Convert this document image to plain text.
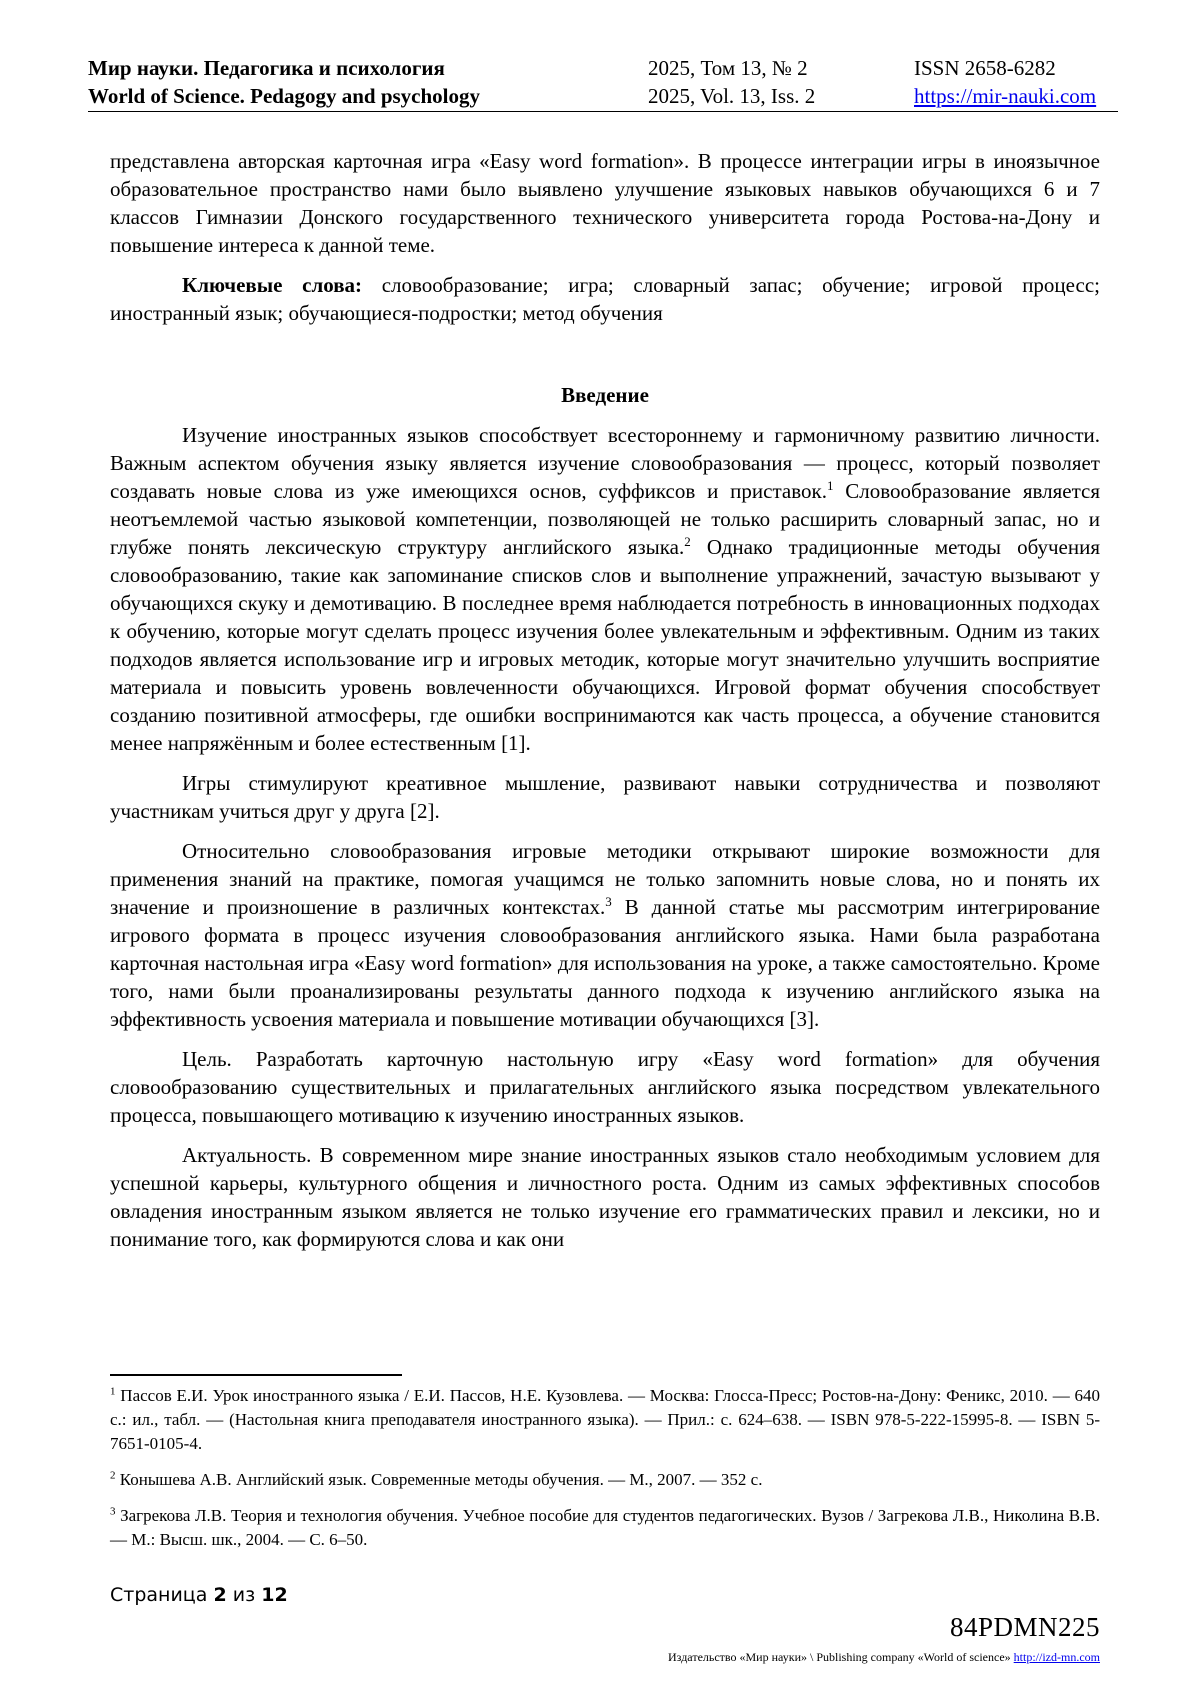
Мир науки. Педагогика и психология
World of Science. Pedagogy and psychology
2025, Том 13, № 2
2025, Vol. 13, Iss. 2
ISSN 2658-6282
https://mir-nauki.com

представлена авторская карточная игра «Easy word formation». В процессе интеграции игры в иноязычное образовательное пространство нами было выявлено улучшение языковых навыков обучающихся 6 и 7 классов Гимназии Донского государственного технического университета города Ростова-на-Дону и повышение интереса к данной теме.

Ключевые слова: словообразование; игра; словарный запас; обучение; игровой процесс; иностранный язык; обучающиеся-подростки; метод обучения

Введение

Изучение иностранных языков способствует всестороннему и гармоничному развитию личности. Важным аспектом обучения языку является изучение словообразования — процесс, который позволяет создавать новые слова из уже имеющихся основ, суффиксов и приставок.$^1$ Словообразование является неотъемлемой частью языковой компетенции, позволяющей не только расширить словарный запас, но и глубже понять лексическую структуру английского языка.$^2$ Однако традиционные методы обучения словообразованию, такие как запоминание списков слов и выполнение упражнений, зачастую вызывают у обучающихся скуку и демотивацию. В последнее время наблюдается потребность в инновационных подходах к обучению, которые могут сделать процесс изучения более увлекательным и эффективным. Одним из таких подходов является использование игр и игровых методик, которые могут значительно улучшить восприятие материала и повысить уровень вовлеченности обучающихся. Игровой формат обучения способствует созданию позитивной атмосферы, где ошибки воспринимаются как часть процесса, а обучение становится менее напряжённым и более естественным [1].

Игры стимулируют креативное мышление, развивают навыки сотрудничества и позволяют участникам учиться друг у друга [2].

Относительно словообразования игровые методики открывают широкие возможности для применения знаний на практике, помогая учащимся не только запомнить новые слова, но и понять их значение и произношение в различных контекстах.$^3$ В данной статье мы рассмотрим интегрирование игрового формата в процесс изучения словообразования английского языка. Нами была разработана карточная настольная игра «Easy word formation» для использования на уроке, а также самостоятельно. Кроме того, нами были проанализированы результаты данного подхода к изучению английского языка на эффективность усвоения материала и повышение мотивации обучающихся [3].

Цель. Разработать карточную настольную игру «Easy word formation» для обучения словообразованию существительных и прилагательных английского языка посредством увлекательного процесса, повышающего мотивацию к изучению иностранных языков.

Актуальность. В современном мире знание иностранных языков стало необходимым условием для успешной карьеры, культурного общения и личностного роста. Одним из самых эффективных способов овладения иностранным языком является не только изучение его грамматических правил и лексики, но и понимание того, как формируются слова и как они

$^1$ Пассов Е.И. Урок иностранного языка / Е.И. Пассов, Н.Е. Кузовлева. — Москва: Глосса-Пресс; Ростов-на-Дону: Феникс, 2010. — 640 с.: ил., табл. — (Настольная книга преподавателя иностранного языка). — Прил.: с. 624–638. — ISBN 978-5-222-15995-8. — ISBN 5-7651-0105-4.
$^2$ Конышева А.В. Английский язык. Современные методы обучения. — М., 2007. — 352 с.
$^3$ Загрекова Л.В. Теория и технология обучения. Учебное пособие для студентов педагогических. Вузов / Загрекова Л.В., Николина В.В. — М.: Высш. шк., 2004. — С. 6–50.
Страница 2 из 12
84PDMN225
Издательство «Мир науки» \ Publishing company «World of science» http://izd-mn.com
